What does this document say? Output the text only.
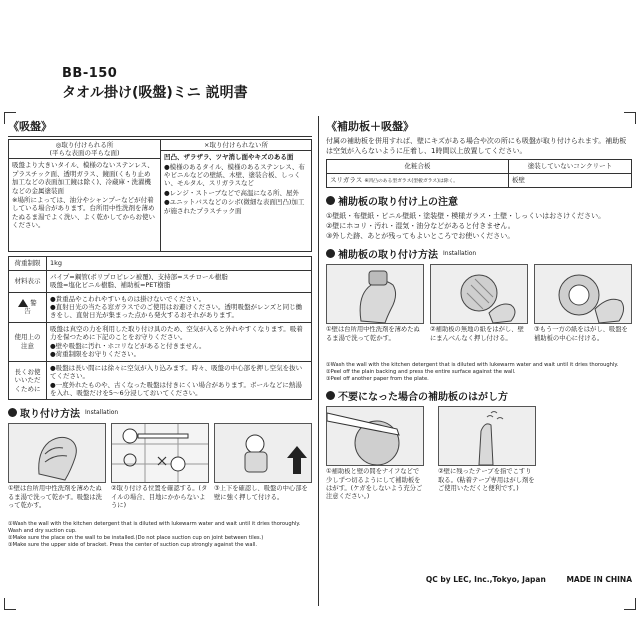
BB-150
タオル掛け(吸盤)ミニ 説明書
《吸盤》
◎取り付けられる所
(平らな表面の平らな面)

吸盤より大きいタイル、模様のないステンレス、プラスチック面、透明ガラス、鏡面(くもり止め加工などの表面加工鏡は除く)、冷蔵庫・洗濯機などの金属塗装面

※場所によっては、油分やシャンプーなどが付着している場合があります。台所用中性洗剤を薄めたぬるま湯でよく洗い、よく乾かしてからお使いください。

×取り付けられない所

凹凸、ザラザラ、ツヤ消し面やキズのある面

●模様のあるタイル、模様のあるステンレス、布やビニルなどの壁紙、木壁、塗装合板、しっくい、モルタル、スリガラスなど

●レンジ・ストーブなどで高温になる所、屋外

●ユニットバスなどのシボ(微細な表面凹凸)加工が施されたプラスチック面

荷重制限	1kg
材料表示	パイプ=鋼管(ポリプロピレン被覆)、支持部=スチロール樹脂
吸盤=塩化ビニル樹脂、補助板=PET樹脂
警　告	●貴重品やこわれやすいものは掛けないでください。
●直射日光の当たる窓ガラスでのご使用はお避けください。透明吸盤がレンズと同じ働きをし、直射日光が集まった点から発火するおそれがあります。
使用上の注意	吸盤は真空の力を利用した取り付け具のため、空気が入ると外れやすくなります。吸着力を保つために下記のことをお守りください。
●壁や吸盤に汚れ・ホコリなどがあると付きません。
●荷重制限をお守りください。
長くお使いいただくために	●吸盤は長い間には徐々に空気が入り込みます。時々、吸盤の中心部を押し空気を抜いてください。
●一度外れたものや、古くなった吸盤は付きにくい場合があります。ボールなどに熱湯を入れ、吸盤だけを5〜6分浸しておいてください。
取り付け方法 Installation
①壁は台所用中性洗剤を薄めたぬるま湯で洗って乾かす。吸盤は洗って乾かす。
②取り付ける位置を確認する。(タイルの場合、目地にかからないように)
③上下を確認し、吸盤の中心部を壁に強く押して付ける。
①Wash the wall with the kitchen detergent that is diluted with lukewarm water and wait until it dries thoroughly. Wash and dry suction cup.
②Make sure the place on the wall to be installed.(Do not place suction cup on joint between tiles.)
③Make sure the upper side of bracket. Press the center of suction cup strongly against the wall.
《補助板＋吸盤》
付属の補助板を併用すれば、壁にキズがある場合や次の所にも吸盤が取り付けられます。補助板は空気が入らないように圧着し、1時間以上放置してください。
化粧合板	塗装していないコンクリート
スリガラス ※凹凸のある型ガラス(型板ガラス)は除く。	板壁
補助板の取り付け上の注意
①壁紙・布壁紙・ビニル壁紙・塗装壁・模様ガラス・土壁・しっくいはおさけください。
②壁にホコリ・汚れ・湿気・油分などがあると付きません。
③外した跡、あとが残ってもよいところでお使いください。
補助板の取り付け方法 Installation
①壁は台所用中性洗剤を薄めたぬるま湯で洗って乾かす。
②補助板の無地の紙をはがし、壁にまんべんなく押し付ける。
③もう一方の紙をはがし、吸盤を補助板の中心に付ける。
①Wash the wall with the kitchen detergent that is diluted with lukewarm water and wait until it dries thoroughly.
②Peel off the plain backing and press the entire surface against the wall.
③Peel off another paper from the plate.
不要になった場合の補助板のはがし方
①補助板と壁の間をナイフなどで少しずつ切るようにして補助板をはがす。(ケガをしないよう充分ご注意ください。)
②壁に残ったテープを指でこすり取る。(粘着テープ専用はがし剤をご使用いただくと便利です。)
QC by LEC, Inc.,Tokyo, Japan	MADE IN CHINA
